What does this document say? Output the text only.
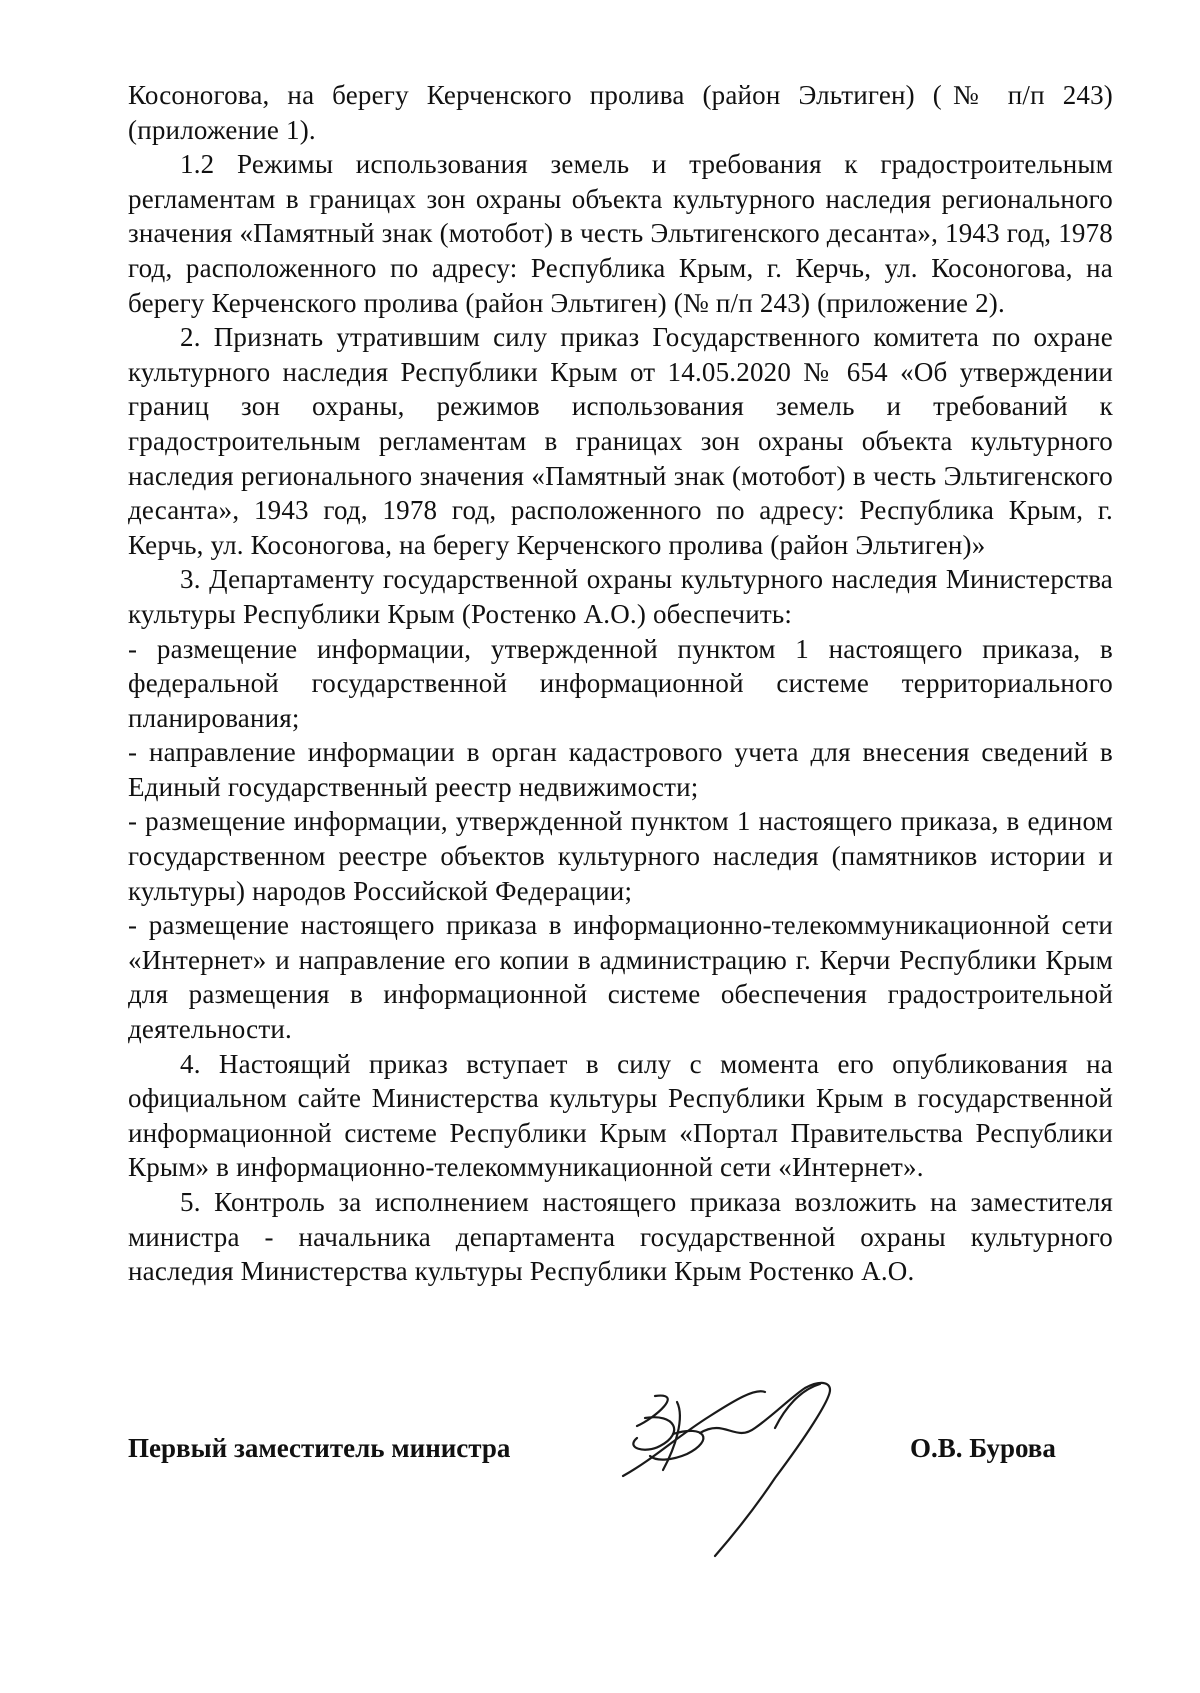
Косоногова, на берегу Керченского пролива (район Эльтиген) (№ п/п 243) (приложение 1).

1.2 Режимы использования земель и требования к градостроительным регламентам в границах зон охраны объекта культурного наследия регионального значения «Памятный знак (мотобот) в честь Эльтигенского десанта», 1943 год, 1978 год, расположенного по адресу: Республика Крым, г. Керчь, ул. Косоногова, на берегу Керченского пролива (район Эльтиген) (№ п/п 243) (приложение 2).

2. Признать утратившим силу приказ Государственного комитета по охране культурного наследия Республики Крым от 14.05.2020 № 654 «Об утверждении границ зон охраны, режимов использования земель и требований к градостроительным регламентам в границах зон охраны объекта культурного наследия регионального значения «Памятный знак (мотобот) в честь Эльтигенского десанта», 1943 год, 1978 год, расположенного по адресу: Республика Крым, г. Керчь, ул. Косоногова, на берегу Керченского пролива (район Эльтиген)»

3. Департаменту государственной охраны культурного наследия Министерства культуры Республики Крым (Ростенко А.О.) обеспечить:

- размещение информации, утвержденной пунктом 1 настоящего приказа, в федеральной государственной информационной системе территориального планирования;

- направление информации в орган кадастрового учета для внесения сведений в Единый государственный реестр недвижимости;

- размещение информации, утвержденной пунктом 1 настоящего приказа, в едином государственном реестре объектов культурного наследия (памятников истории и культуры) народов Российской Федерации;

- размещение настоящего приказа в информационно-телекоммуникационной сети «Интернет» и направление его копии в администрацию г. Керчи Республики Крым для размещения в информационной системе обеспечения градостроительной деятельности.

4. Настоящий приказ вступает в силу с момента его опубликования на официальном сайте Министерства культуры Республики Крым в государственной информационной системе Республики Крым «Портал Правительства Республики Крым» в информационно-телекоммуникационной сети «Интернет».

5. Контроль за исполнением настоящего приказа возложить на заместителя министра - начальника департамента государственной охраны культурного наследия Министерства культуры Республики Крым Ростенко А.О.

Первый заместитель министра	О.В. Бурова
